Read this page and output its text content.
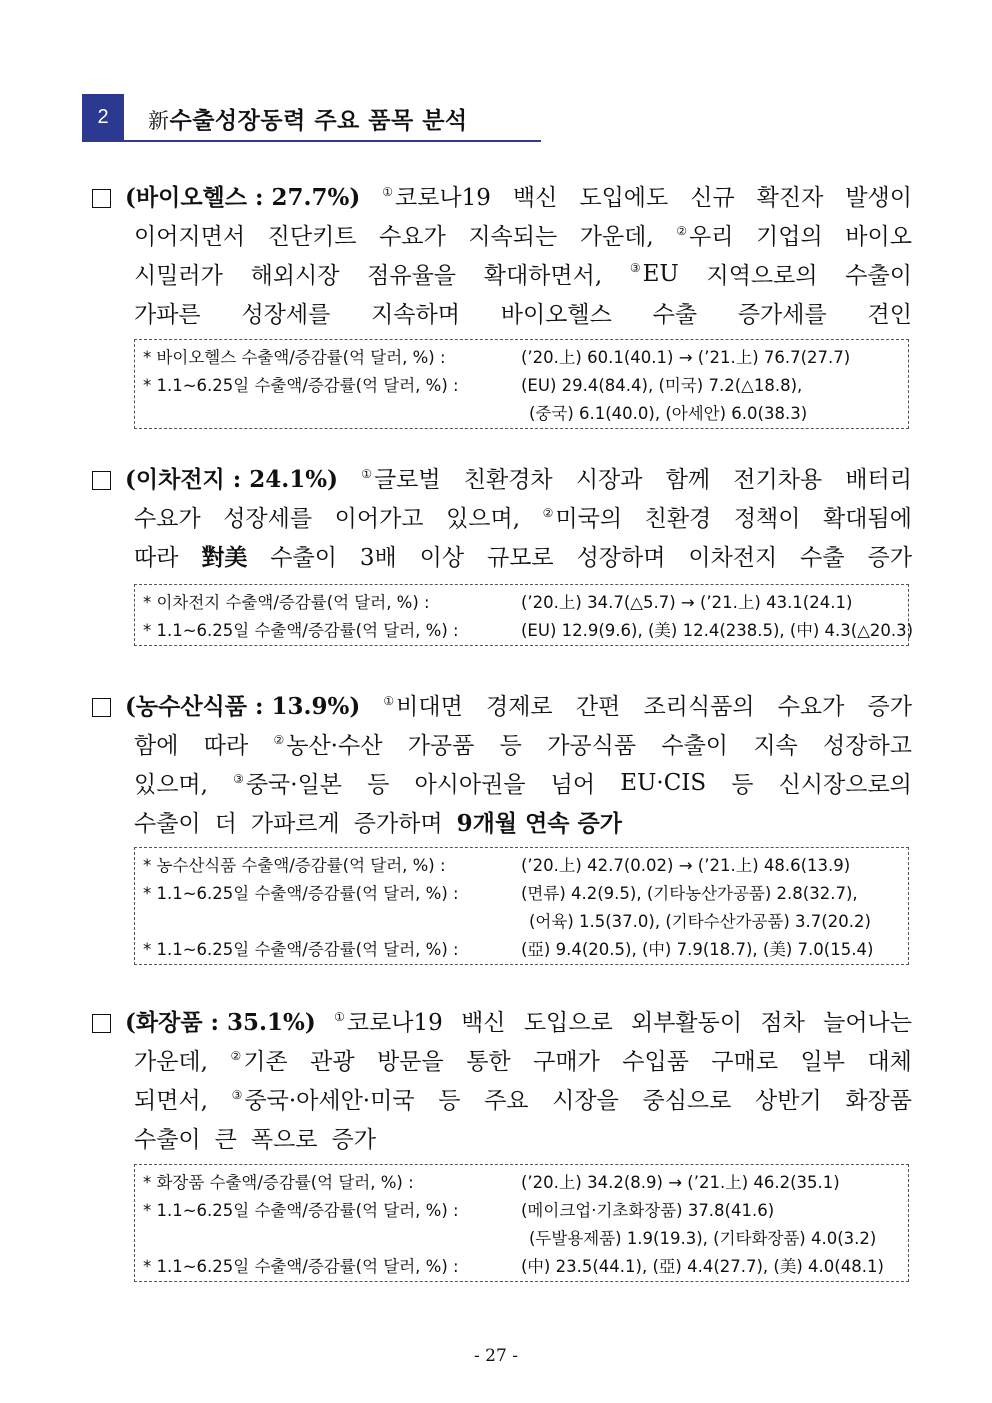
2	新수출성장동력 주요 품목 분석
(바이오헬스 : 27.7%) ①코로나19 백신 도입에도 신규 확진자 발생이
이어지면서 진단키트 수요가 지속되는 가운데, ②우리 기업의 바이오
시밀러가 해외시장 점유율을 확대하면서, ③EU 지역으로의 수출이
가파른 성장세를 지속하며 바이오헬스 수출 증가세를 견인
* 바이오헬스 수출액/증감률(억 달러, %) :	(’20.上) 60.1(40.1) → (’21.上) 76.7(27.7)
* 1.1~6.25일 수출액/증감률(억 달러, %) :	(EU) 29.4(84.4), (미국) 7.2(△18.8),
(중국) 6.1(40.0), (아세안) 6.0(38.3)
(이차전지 : 24.1%) ①글로벌 친환경차 시장과 함께 전기차용 배터리
수요가 성장세를 이어가고 있으며, ②미국의 친환경 정책이 확대됨에
따라 對美 수출이 3배 이상 규모로 성장하며 이차전지 수출 증가
* 이차전지 수출액/증감률(억 달러, %) :	(’20.上) 34.7(△5.7) → (’21.上) 43.1(24.1)
* 1.1~6.25일 수출액/증감률(억 달러, %) :	(EU) 12.9(9.6), (美) 12.4(238.5), (中) 4.3(△20.3)
(농수산식품 : 13.9%) ①비대면 경제로 간편 조리식품의 수요가 증가
함에 따라 ②농산·수산 가공품 등 가공식품 수출이 지속 성장하고
있으며, ③중국·일본 등 아시아권을 넘어 EU·CIS 등 신시장으로의
수출이 더 가파르게 증가하며 9개월 연속 증가
* 농수산식품 수출액/증감률(억 달러, %) :	(’20.上) 42.7(0.02) → (’21.上) 48.6(13.9)
* 1.1~6.25일 수출액/증감률(억 달러, %) :	(면류) 4.2(9.5), (기타농산가공품) 2.8(32.7),
(어육) 1.5(37.0), (기타수산가공품) 3.7(20.2)
* 1.1~6.25일 수출액/증감률(억 달러, %) :	(亞) 9.4(20.5), (中) 7.9(18.7), (美) 7.0(15.4)
(화장품 : 35.1%) ①코로나19 백신 도입으로 외부활동이 점차 늘어나는
가운데, ②기존 관광 방문을 통한 구매가 수입품 구매로 일부 대체
되면서, ③중국·아세안·미국 등 주요 시장을 중심으로 상반기 화장품
수출이 큰 폭으로 증가
* 화장품 수출액/증감률(억 달러, %) :	(’20.上) 34.2(8.9) → (’21.上) 46.2(35.1)
* 1.1~6.25일 수출액/증감률(억 달러, %) :	(메이크업·기초화장품) 37.8(41.6)
(두발용제품) 1.9(19.3), (기타화장품) 4.0(3.2)
* 1.1~6.25일 수출액/증감률(억 달러, %) :	(中) 23.5(44.1), (亞) 4.4(27.7), (美) 4.0(48.1)
- 27 -
